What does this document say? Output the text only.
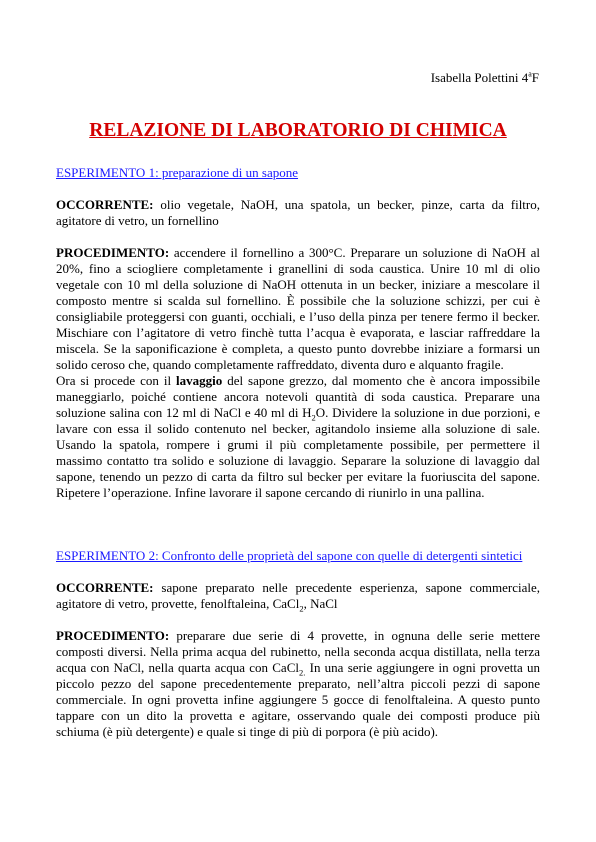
Isabella Polettini 4$^a$F
RELAZIONE DI LABORATORIO DI CHIMICA

ESPERIMENTO 1: preparazione di un sapone

OCCORRENTE: olio vegetale, NaOH, una spatola, un becker, pinze, carta da filtro, agitatore di vetro, un fornellino

PROCEDIMENTO: accendere il fornellino a 300°C. Preparare un soluzione di NaOH al 20%, fino a sciogliere completamente i granellini di soda caustica. Unire 10 ml di olio vegetale con 10 ml della soluzione di NaOH ottenuta in un becker, iniziare a mescolare il composto mentre si scalda sul fornellino. È possibile che la soluzione schizzi, per cui è consigliabile proteggersi con guanti, occhiali, e l’uso della pinza per tenere fermo il becker. Mischiare con l’agitatore di vetro finchè tutta l’acqua è evaporata, e lasciar raffreddare la miscela. Se la saponificazione è completa, a questo punto dovrebbe iniziare a formarsi un solido ceroso che, quando completamente raffreddato, diventa duro e alquanto fragile.

Ora si procede con il lavaggio del sapone grezzo, dal momento che è ancora impossibile maneggiarlo, poiché contiene ancora notevoli quantità di soda caustica. Preparare una soluzione salina con 12 ml di NaCl e 40 ml di $H_2O$. Dividere la soluzione in due porzioni, e lavare con essa il solido contenuto nel becker, agitandolo insieme alla soluzione di sale. Usando la spatola, rompere i grumi il più completamente possibile, per permettere il massimo contatto tra solido e soluzione di lavaggio. Separare la soluzione di lavaggio dal sapone, tenendo un pezzo di carta da filtro sul becker per evitare la fuoriuscita del sapone. Ripetere l’operazione. Infine lavorare il sapone cercando di riunirlo in una pallina.

ESPERIMENTO 2: Confronto delle proprietà del sapone con quelle di detergenti sintetici

OCCORRENTE: sapone preparato nelle precedente esperienza, sapone commerciale, agitatore di vetro, provette, fenolftaleina, CaCl$_2$, NaCl

PROCEDIMENTO: preparare due serie di 4 provette, in ognuna delle serie mettere composti diversi. Nella prima acqua del rubinetto, nella seconda acqua distillata, nella terza acqua con NaCl, nella quarta acqua con CaCl$_{2.}$ In una serie aggiungere in ogni provetta un piccolo pezzo del sapone precedentemente preparato, nell’altra piccoli pezzi di sapone commerciale. In ogni provetta infine aggiungere 5 gocce di fenolftaleina. A questo punto tappare con un dito la provetta e agitare, osservando quale dei composti produce più schiuma (è più detergente) e quale si tinge di più di porpora (è più acido).
